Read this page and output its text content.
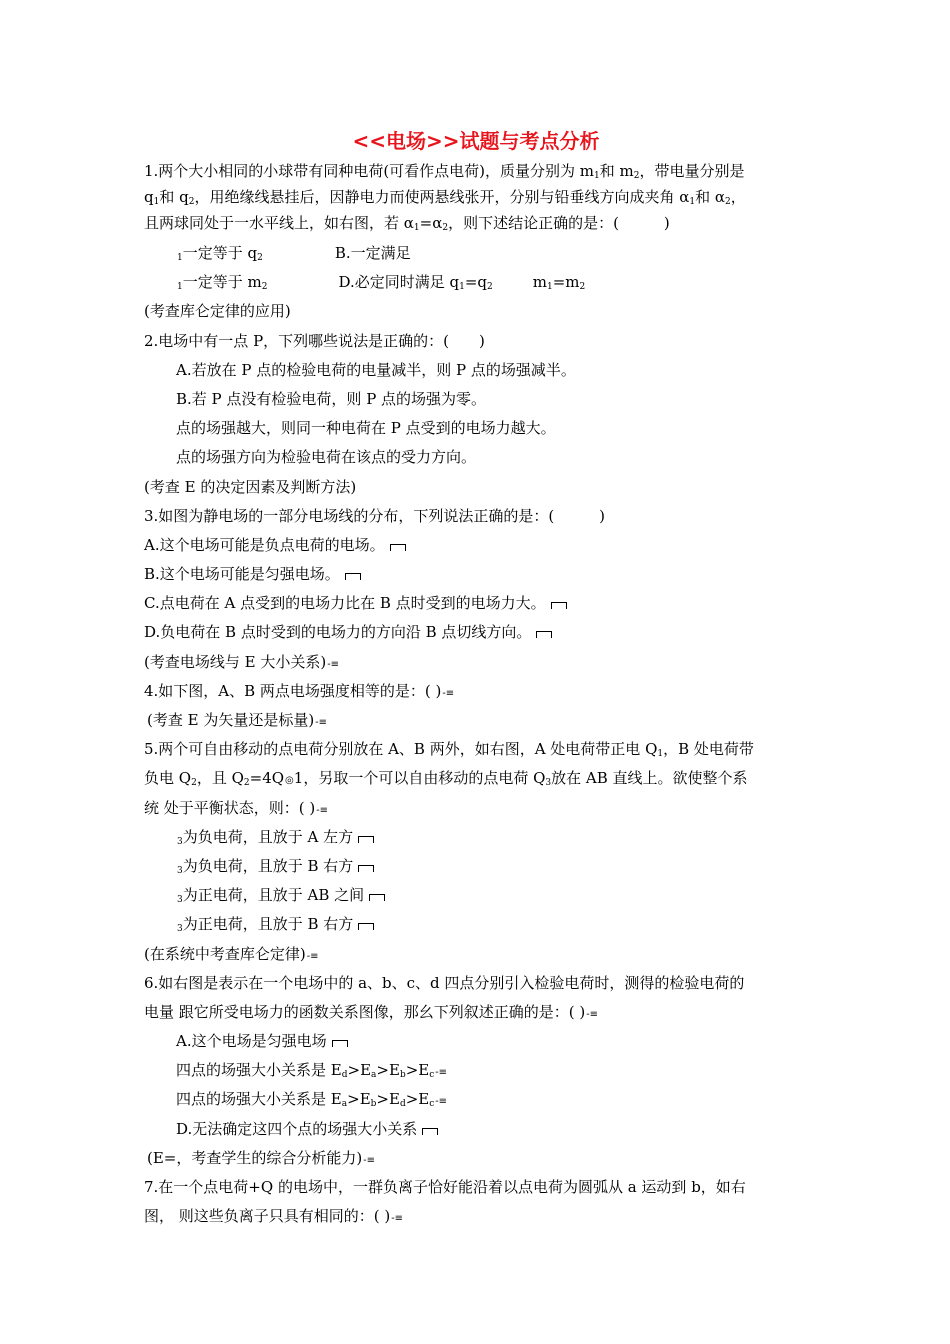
<<电场>>试题与考点分析
1.两个大小相同的小球带有同种电荷(可看作点电荷)，质量分别为 $m_1$和 $m_2$，带电量分别是
$q_1$和 $q_2$，用绝缘线悬挂后，因静电力而使两悬线张开，分别与铅垂线方向成夹角 $\alpha_1$和 $\alpha_2$，
且两球同处于一水平线上，如右图，若 $\alpha_1=\alpha_2$，则下述结论正确的是：(　　　)
$_1$一定等于 $q_2$	B.一定满足
$_1$一定等于 $m_2$	D.必定同时满足 $q_1=q_2$	$m_1=m_2$
(考查库仑定律的应用)
2.电场中有一点 P，下列哪些说法是正确的：(　　)
A.若放在 P 点的检验电荷的电量减半，则 P 点的场强减半。
B.若 P 点没有检验电荷，则 P 点的场强为零。
点的场强越大，则同一种电荷在 P 点受到的电场力越大。
点的场强方向为检验电荷在该点的受力方向。
(考查 E 的决定因素及判断方法)
3.如图为静电场的一部分电场线的分布，下列说法正确的是：(　　　)
A.这个电场可能是负点电荷的电场。
B.这个电场可能是匀强电场。
C.点电荷在 A 点受到的电场力比在 B 点时受到的电场力大。
D.负电荷在 B 点时受到的电场力的方向沿 B 点切线方向。
(考查电场线与 E 大小关系)-≡
4.如下图，A、B 两点电场强度相等的是：( )-≡
(考查 E 为矢量还是标量)-≡
5.两个可自由移动的点电荷分别放在 A、B 两外，如右图，A 处电荷带正电 $Q_1$，B 处电荷带
负电 $Q_2$，且 $Q_2=4Q◎1$，另取一个可以自由移动的点电荷 $Q_3$放在 AB 直线上。欲使整个系
统 处于平衡状态，则：( )-≡
$_3$为负电荷，且放于 A 左方
$_3$为负电荷，且放于 B 右方
$_3$为正电荷，且放于 AB 之间
$_3$为正电荷，且放于 B 右方
(在系统中考查库仑定律)-≡
6.如右图是表示在一个电场中的 a、b、c、d 四点分别引入检验电荷时，测得的检验电荷的
电量 跟它所受电场力的函数关系图像，那幺下列叙述正确的是：( )-≡
A.这个电场是匀强电场
四点的场强大小关系是 $E_d>E_a>E_b>E_c-\equiv$
四点的场强大小关系是 $E_a>E_b>E_d>E_c-\equiv$
D.无法确定这四个点的场强大小关系
(E=，考查学生的综合分析能力)-≡
7.在一个点电荷+Q 的电场中，一群负离子恰好能沿着以点电荷为圆弧从 a 运动到 b，如右
图， 则这些负离子只具有相同的：( )-≡
